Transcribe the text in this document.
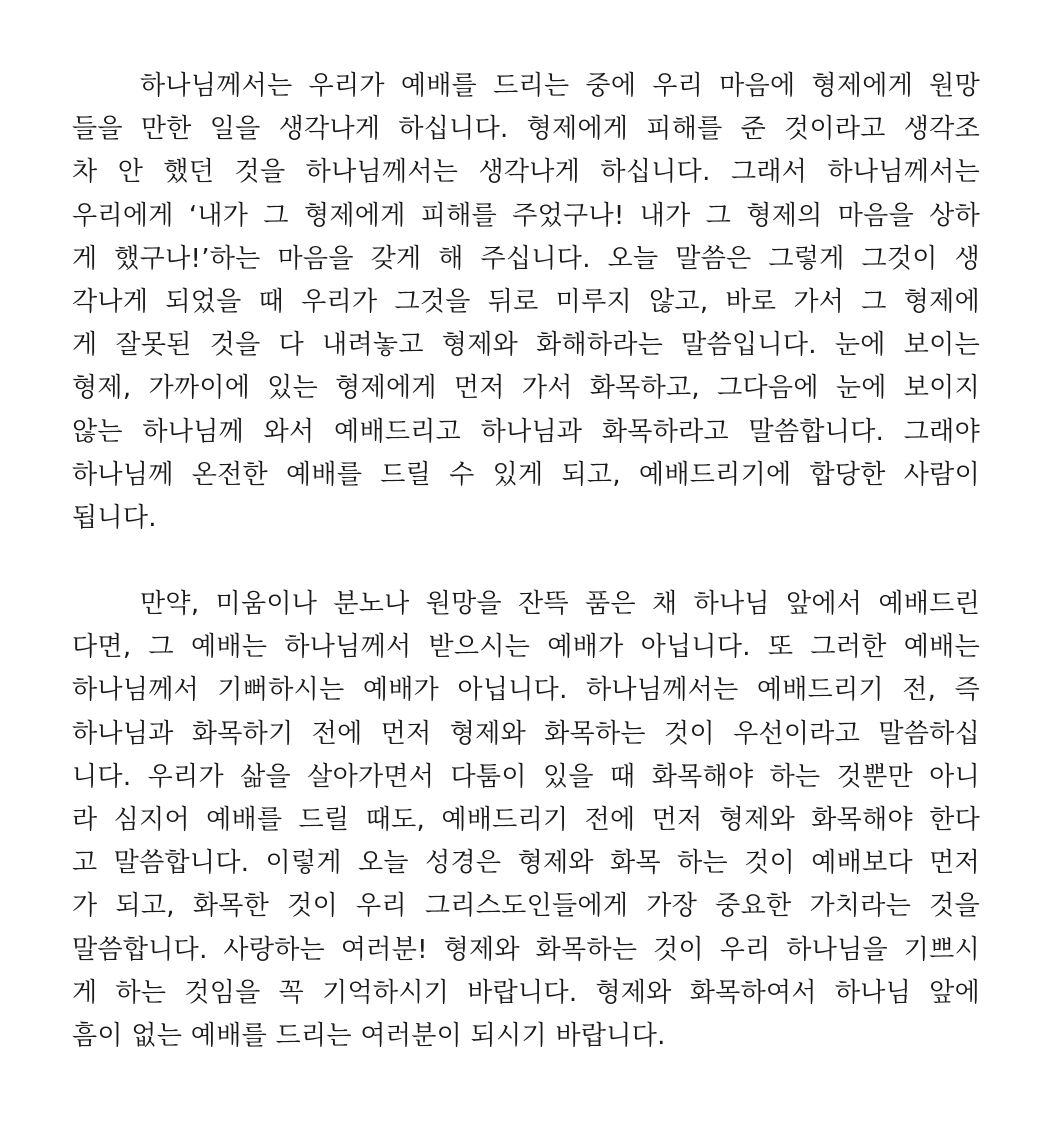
하나님께서는 우리가 예배를 드리는 중에 우리 마음에 형제에게 원망
들을 만한 일을 생각나게 하십니다. 형제에게 피해를 준 것이라고 생각조
차 안 했던 것을 하나님께서는 생각나게 하십니다. 그래서 하나님께서는
우리에게 ‘내가 그 형제에게 피해를 주었구나! 내가 그 형제의 마음을 상하
게 했구나!’하는 마음을 갖게 해 주십니다. 오늘 말씀은 그렇게 그것이 생
각나게 되었을 때 우리가 그것을 뒤로 미루지 않고, 바로 가서 그 형제에
게 잘못된 것을 다 내려놓고 형제와 화해하라는 말씀입니다. 눈에 보이는
형제, 가까이에 있는 형제에게 먼저 가서 화목하고, 그다음에 눈에 보이지
않는 하나님께 와서 예배드리고 하나님과 화목하라고 말씀합니다. 그래야
하나님께 온전한 예배를 드릴 수 있게 되고, 예배드리기에 합당한 사람이
됩니다.
만약, 미움이나 분노나 원망을 잔뜩 품은 채 하나님 앞에서 예배드린
다면, 그 예배는 하나님께서 받으시는 예배가 아닙니다. 또 그러한 예배는
하나님께서 기뻐하시는 예배가 아닙니다. 하나님께서는 예배드리기 전, 즉
하나님과 화목하기 전에 먼저 형제와 화목하는 것이 우선이라고 말씀하십
니다. 우리가 삶을 살아가면서 다툼이 있을 때 화목해야 하는 것뿐만 아니
라 심지어 예배를 드릴 때도, 예배드리기 전에 먼저 형제와 화목해야 한다
고 말씀합니다. 이렇게 오늘 성경은 형제와 화목 하는 것이 예배보다 먼저
가 되고, 화목한 것이 우리 그리스도인들에게 가장 중요한 가치라는 것을
말씀합니다. 사랑하는 여러분! 형제와 화목하는 것이 우리 하나님을 기쁘시
게 하는 것임을 꼭 기억하시기 바랍니다. 형제와 화목하여서 하나님 앞에
흠이 없는 예배를 드리는 여러분이 되시기 바랍니다.
